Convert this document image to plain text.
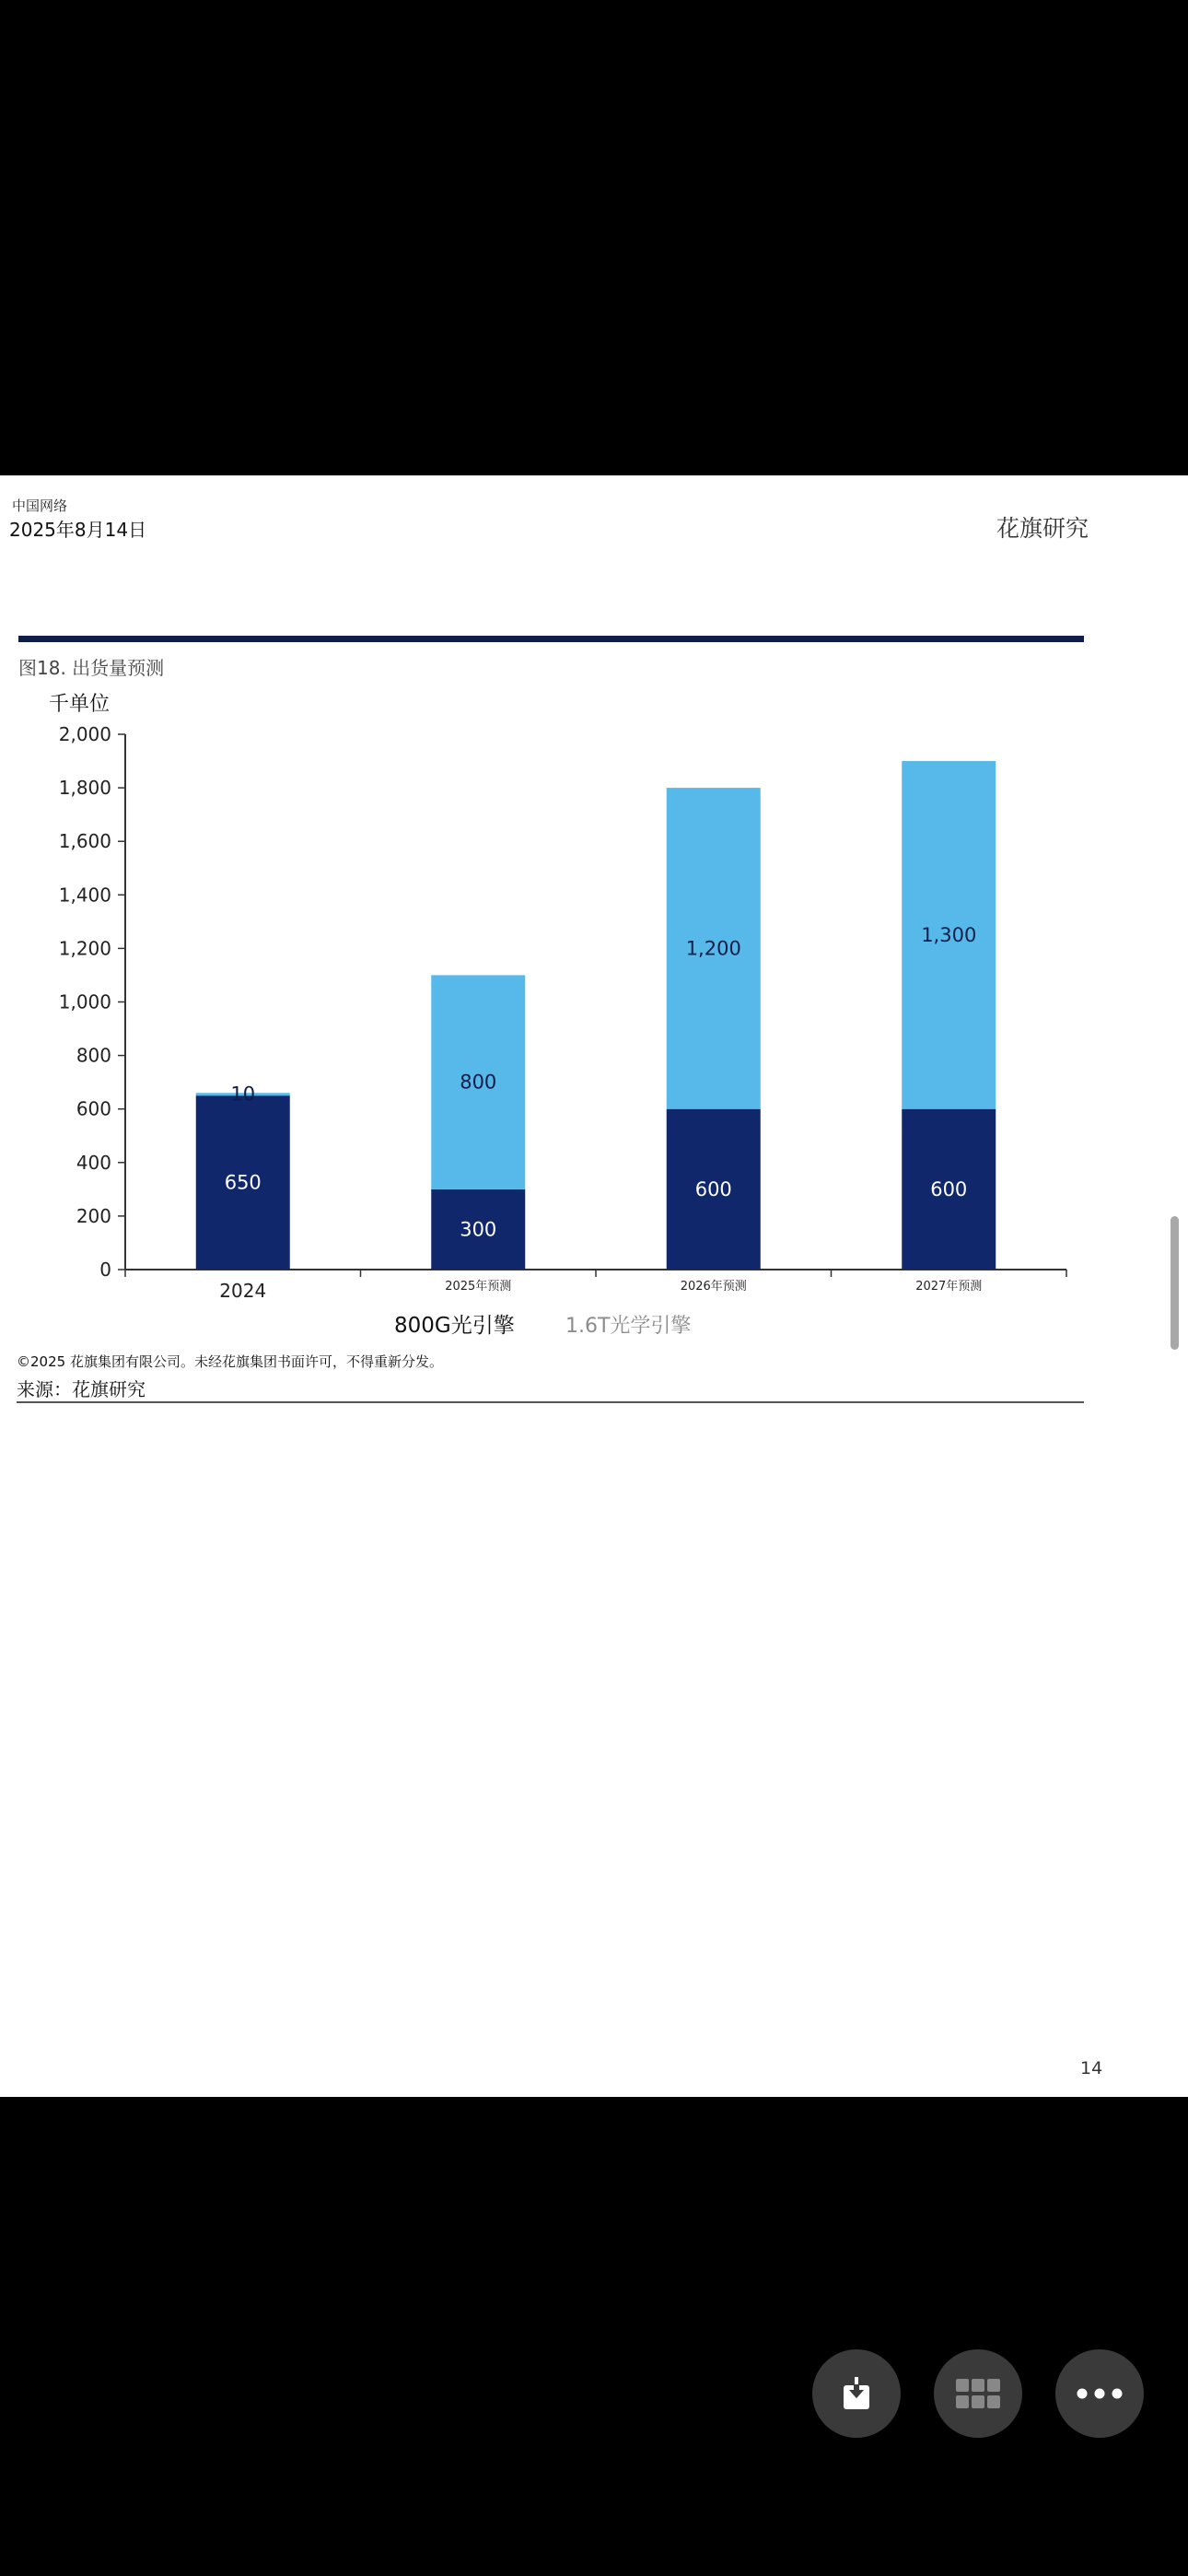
中国网络
2025年8月14日	花旗研究
图18. 出货量预测
千单位
0
200
400
600
800
1,000
1,200
1,400
1,600
1,800
2,000
650
10
2024
300
800
2025年预测
600
1,200
2026年预测
600
1,300
2027年预测
800G光引擎	1.6T光学引擎
©2025 花旗集团有限公司。未经花旗集团书面许可，不得重新分发。
来源：花旗研究
14
